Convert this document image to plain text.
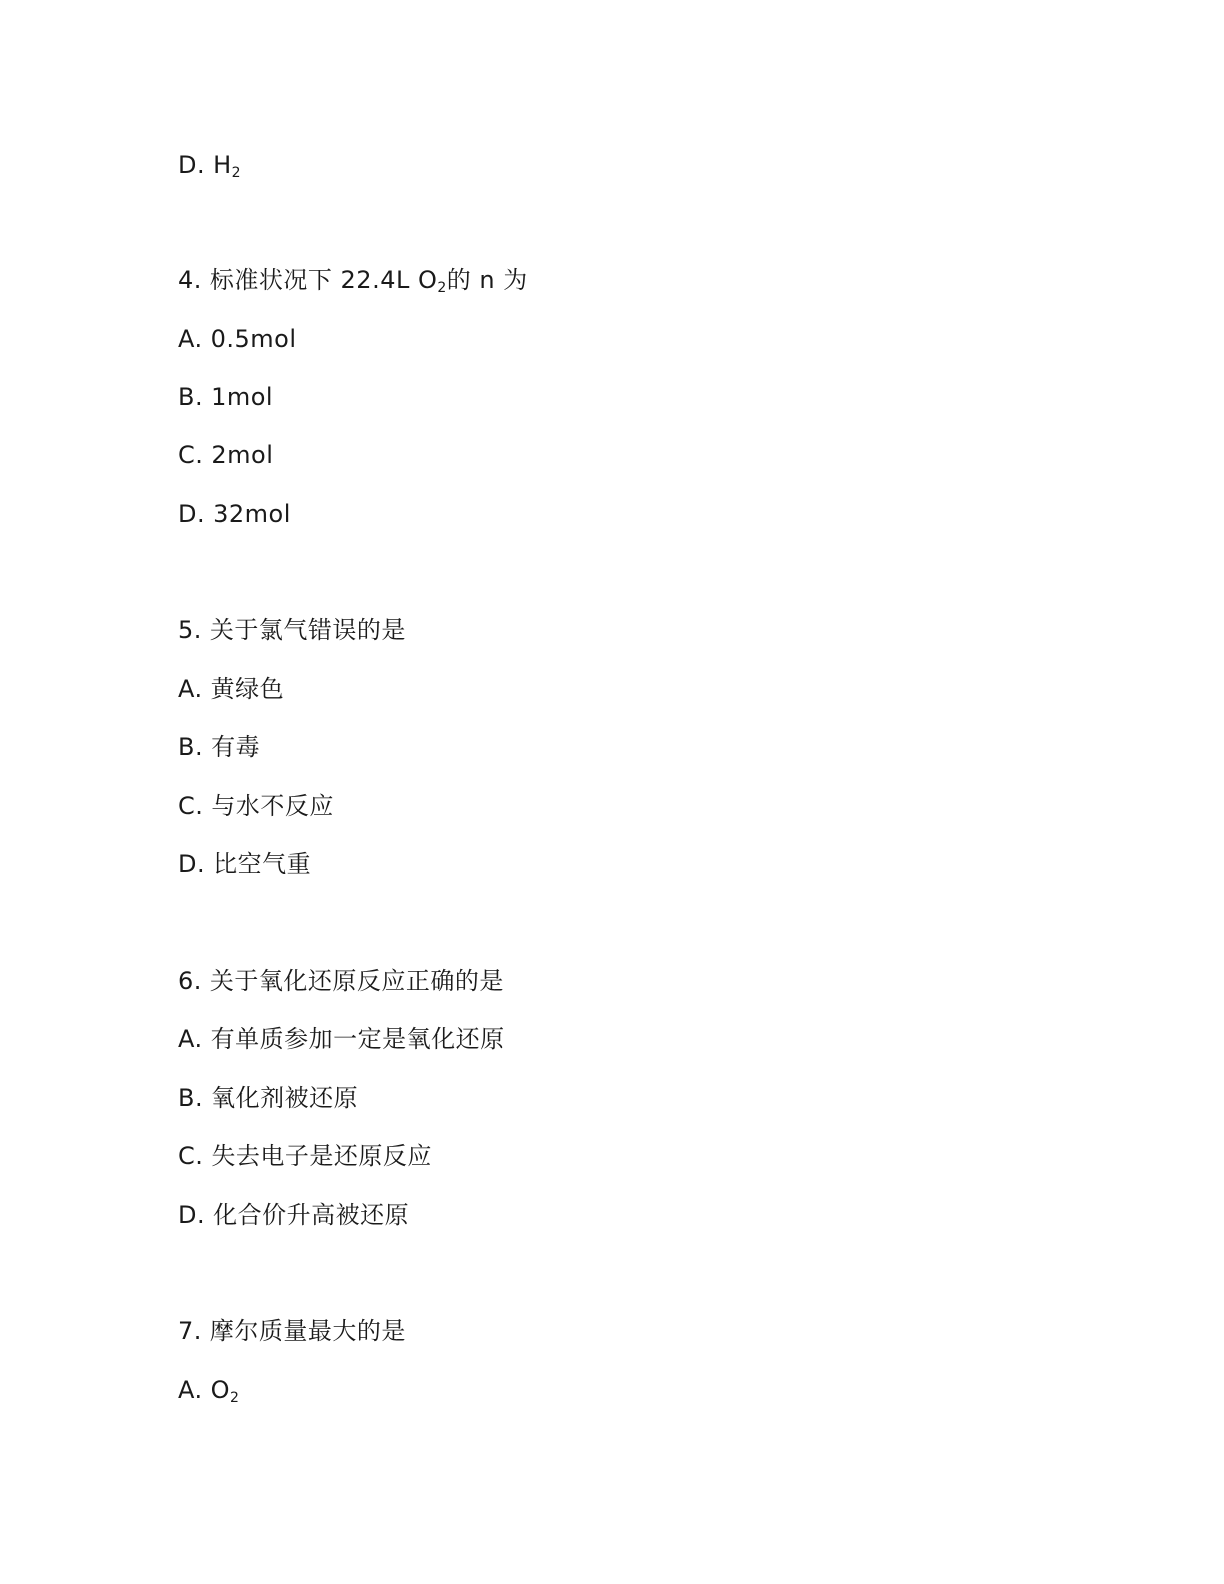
D. $H_2$
4. 标准状况下 22.4L $O_2$的 n 为
A. 0.5mol
B. 1mol
C. 2mol
D. 32mol
5. 关于氯气错误的是
A. 黄绿色
B. 有毒
C. 与水不反应
D. 比空气重
6. 关于氧化还原反应正确的是
A. 有单质参加一定是氧化还原
B. 氧化剂被还原
C. 失去电子是还原反应
D. 化合价升高被还原
7. 摩尔质量最大的是
A. $O_2$
